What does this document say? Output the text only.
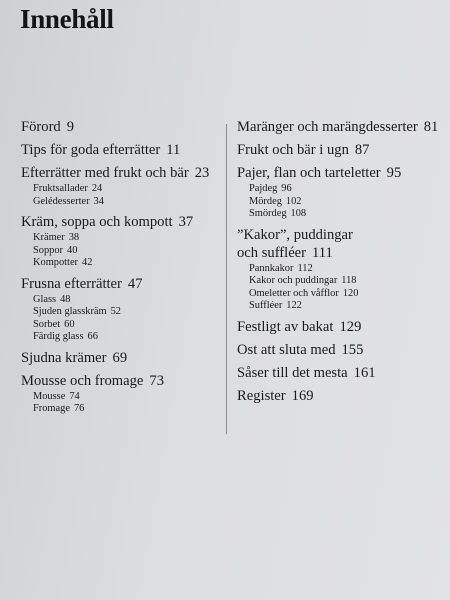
Innehåll
Förord 9
Tips för goda efterrätter 11
Efterrätter med frukt och bär 23
Fruktsallader 24
Gelédesserter 34
Kräm, soppa och kompott 37
Krämer 38
Soppor 40
Kompotter 42
Frusna efterrätter 47
Glass 48
Sjuden glasskräm 52
Sorbet 60
Färdig glass 66
Sjudna krämer 69
Mousse och fromage 73
Mousse 74
Fromage 76
Maränger och marängdesserter 81
Frukt och bär i ugn 87
Pajer, flan och tarteletter 95
Pajdeg 96
Mördeg 102
Smördeg 108
”Kakor”, puddingar
och suffléer 111
Pannkakor 112
Kakor och puddingar 118
Omeletter och våfflor 120
Suffléer 122
Festligt av bakat 129
Ost att sluta med 155
Såser till det mesta 161
Register 169
